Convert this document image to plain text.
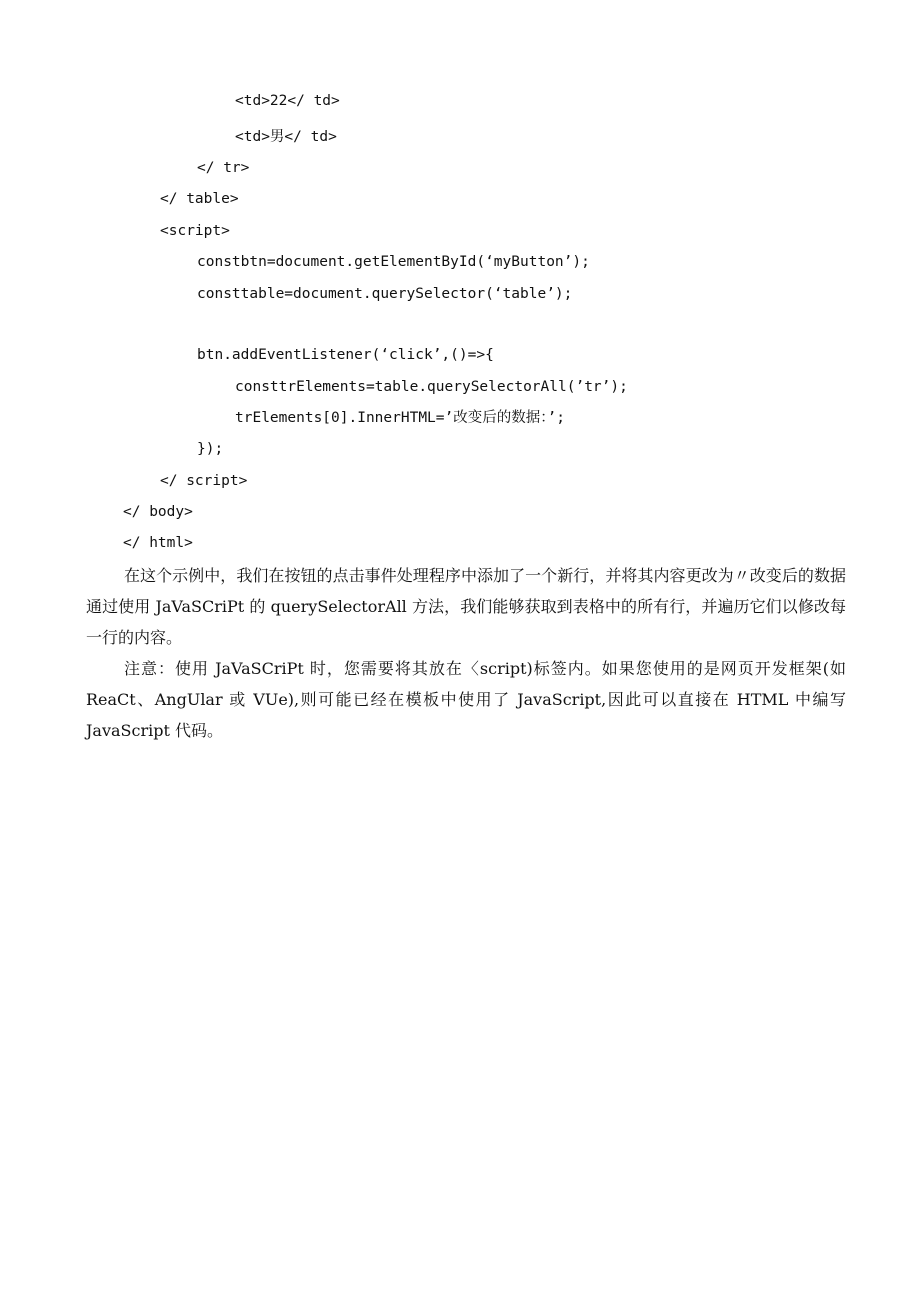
<td>22</ td>
<td>男</ td>
</ tr>
</ table>
<script>
constbtn=document.getElementById(‘myButton’);
consttable=document.querySelector(‘table’);
btn.addEventListener(‘click’,()=>{
consttrElements=table.querySelectorAll(’tr’);
trElements[0].InnerHTML=’改变后的数据：’;
});
</ script>
</ body>
</ html>

在这个示例中，我们在按钮的点击事件处理程序中添加了一个新行，并将其内容更改为〃改变后的数据 通过使用 JaVaSCriPt 的 querySelectorAll 方法，我们能够获取到表格中的所有行，并遍历它们以修改每一行的内容。

注意：使用 JaVaSCriPt 时，您需要将其放在〈script)标签内。如果您使用的是网页开发框架(如 ReaCt、AngUlar 或 VUe),则可能已经在模板中使用了 JavaScript,因此可以直接在 HTML 中编写 JavaScript 代码。
